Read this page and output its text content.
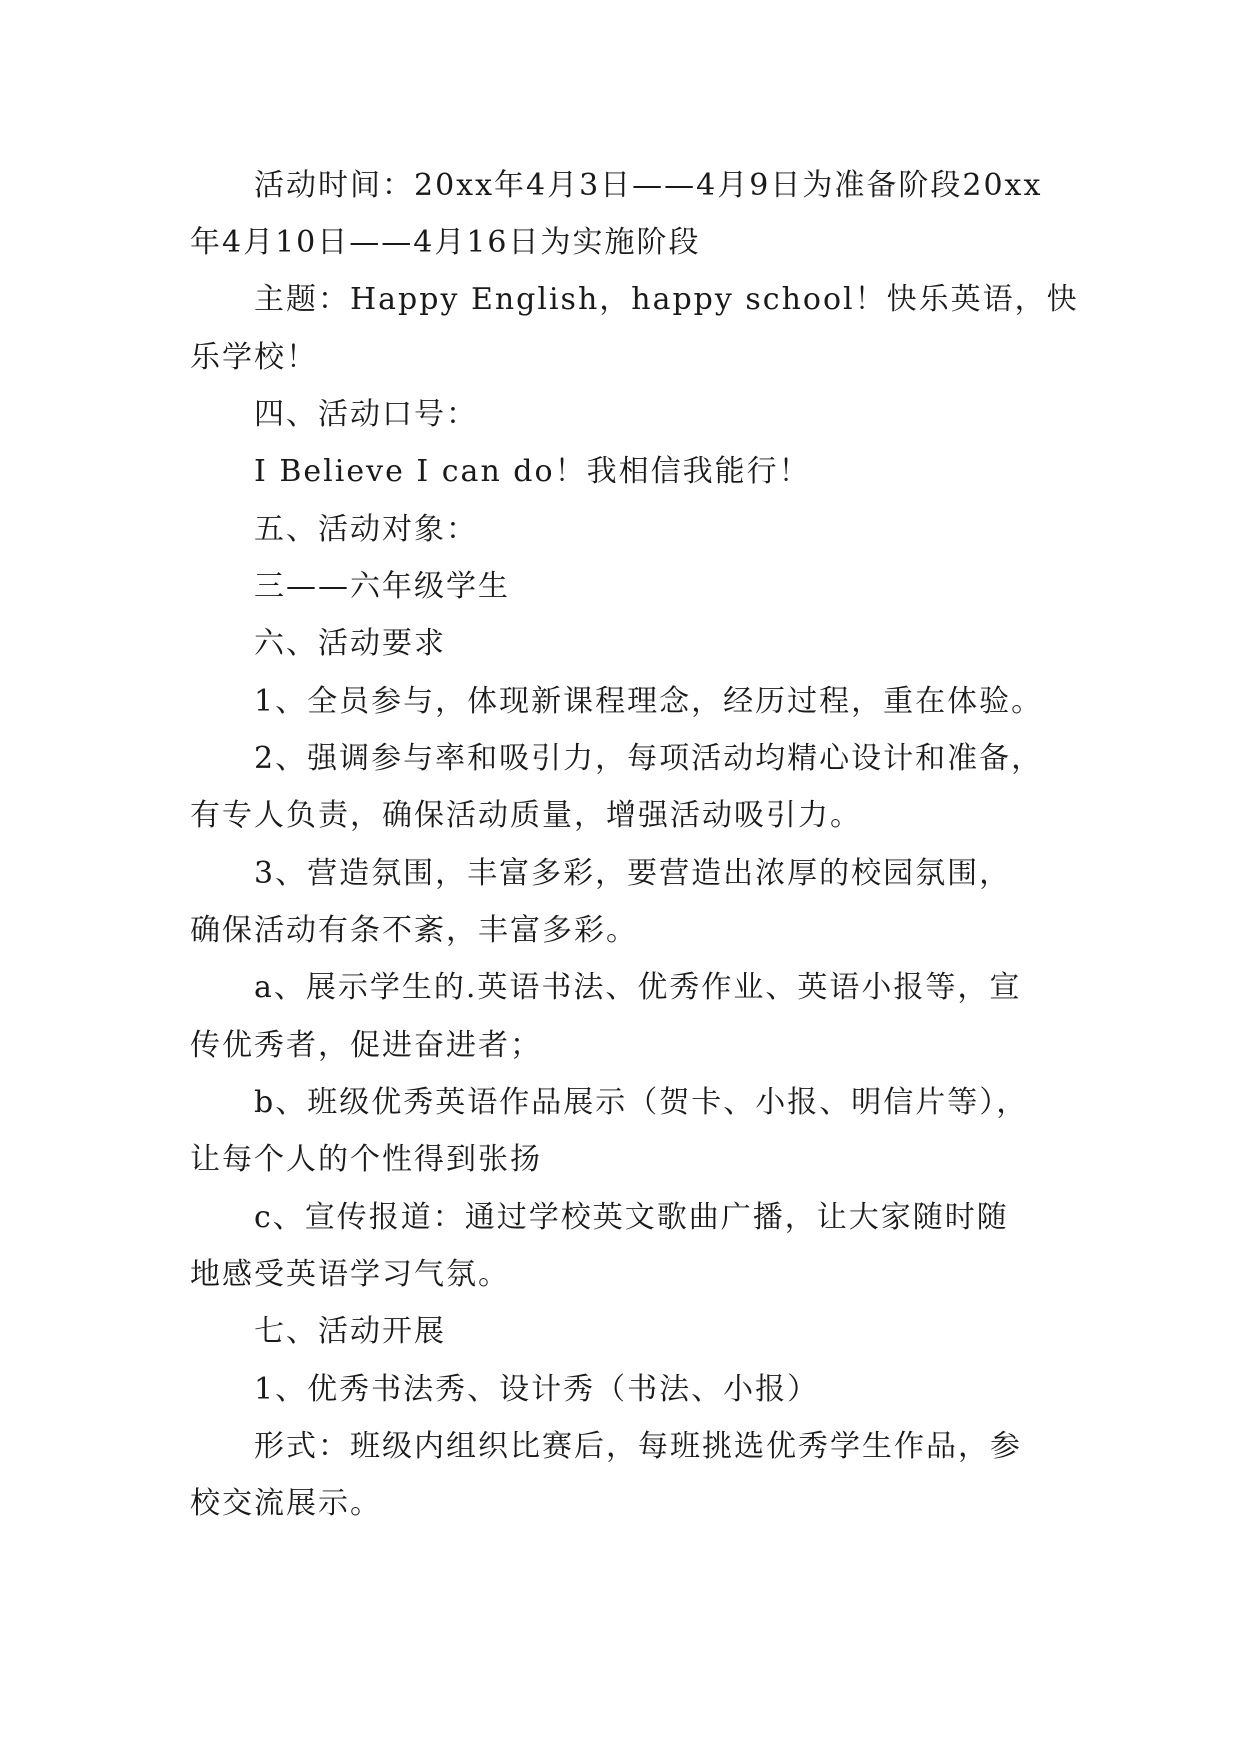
活动时间：20xx年4月3日——4月9日为准备阶段20xx
年4月10日——4月16日为实施阶段
主题：Happy English，happy school！快乐英语，快
乐学校！
四、活动口号：
I Believe I can do！我相信我能行！
五、活动对象：
三——六年级学生
六、活动要求
1、全员参与，体现新课程理念，经历过程，重在体验。
2、强调参与率和吸引力，每项活动均精心设计和准备，
有专人负责，确保活动质量，增强活动吸引力。
3、营造氛围，丰富多彩，要营造出浓厚的校园氛围，
确保活动有条不紊，丰富多彩。
a、展示学生的.英语书法、优秀作业、英语小报等，宣
传优秀者，促进奋进者；
b、班级优秀英语作品展示（贺卡、小报、明信片等），
让每个人的个性得到张扬
c、宣传报道：通过学校英文歌曲广播，让大家随时随
地感受英语学习气氛。
七、活动开展
1、优秀书法秀、设计秀（书法、小报）
形式：班级内组织比赛后，每班挑选优秀学生作品，参
校交流展示。
